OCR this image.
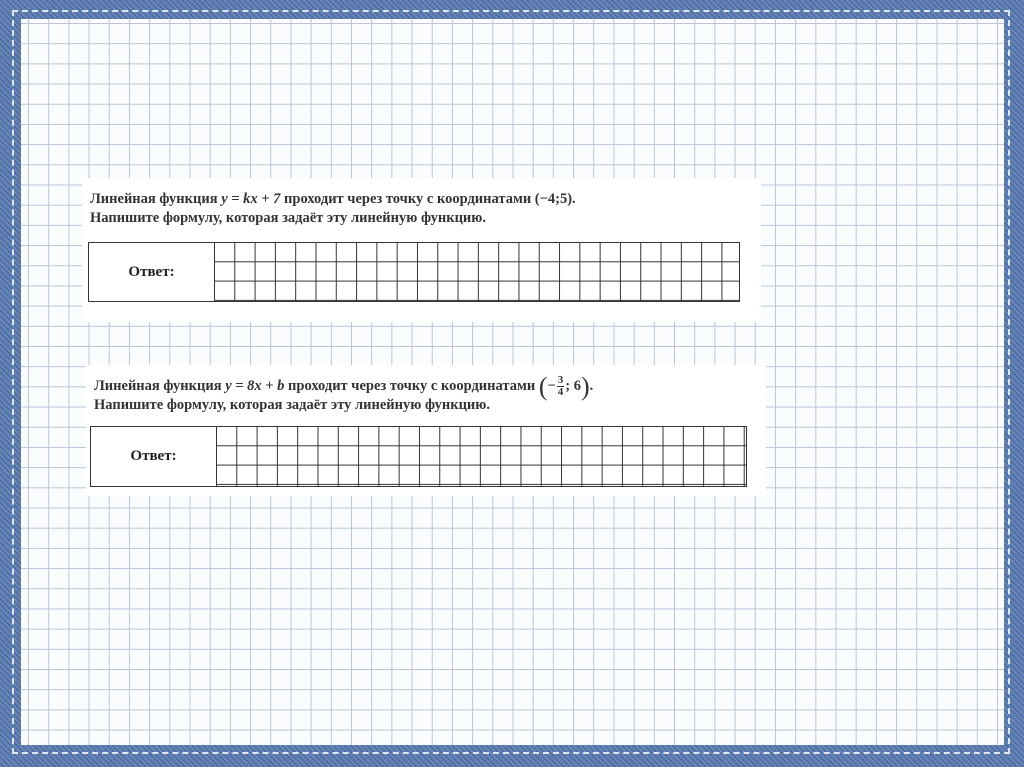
Линейная функция y = kx + 7 проходит через точку с координатами (−4;5).
Напишите формулу, которая задаёт эту линейную функцию.
Ответ:
Линейная функция y = 8x + b проходит через точку с координатами (− $\frac{3}{4}$ ; 6).
Напишите формулу, которая задаёт эту линейную функцию.
Ответ:
